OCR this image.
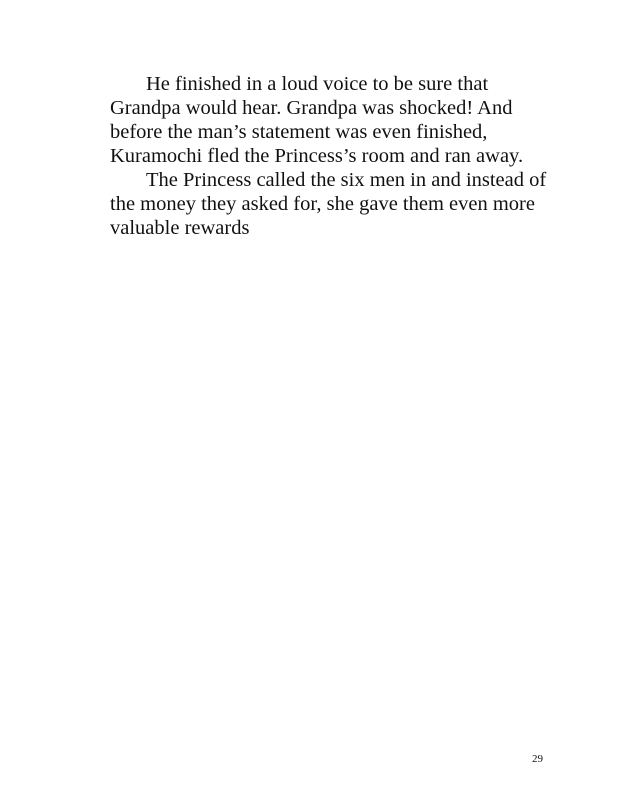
He finished in a loud voice to be sure that
Grandpa would hear. Grandpa was shocked! And
before the man’s statement was even finished,
Kuramochi fled the Princess’s room and ran away.
The Princess called the six men in and instead of
the money they asked for, she gave them even more
valuable rewards
29
